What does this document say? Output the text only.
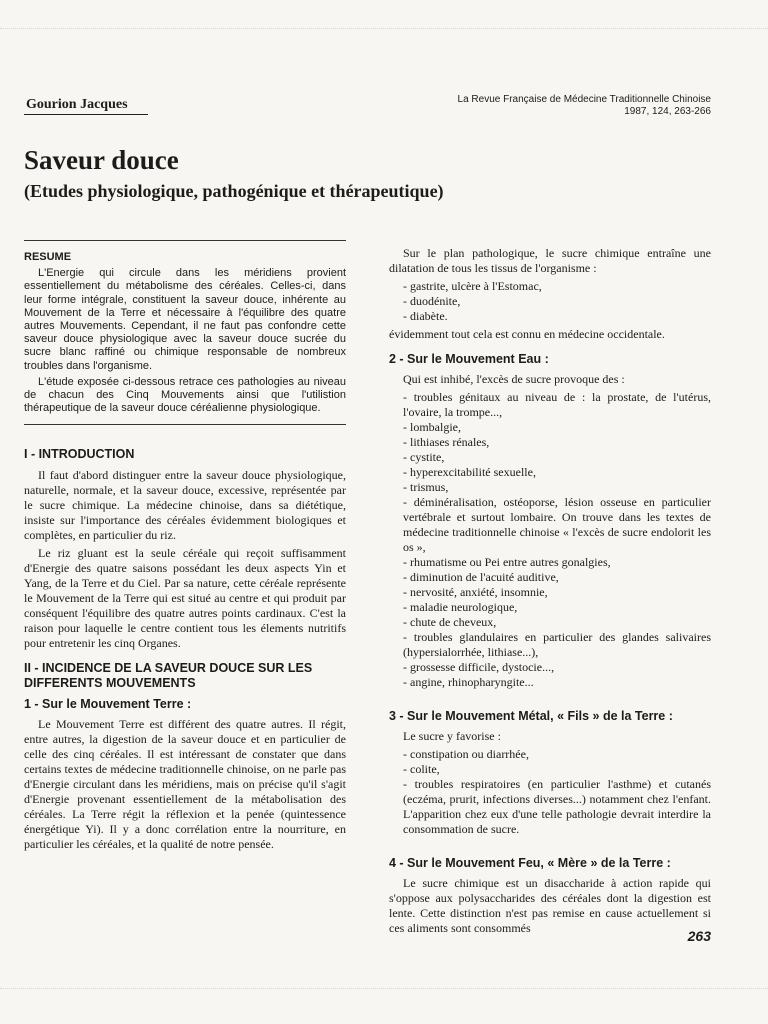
Gourion Jacques	La Revue Française de Médecine Traditionnelle Chinoise
1987, 124, 263-266
Saveur douce
(Etudes physiologique, pathogénique et thérapeutique)
RESUME

L'Energie qui circule dans les méridiens provient essentiellement du métabolisme des céréales. Celles-ci, dans leur forme intégrale, constituent la saveur douce, inhérente au Mouvement de la Terre et nécessaire à l'équilibre des quatre autres Mouvements. Cependant, il ne faut pas confondre cette saveur douce physiologique avec la saveur douce sucrée du sucre blanc raffiné ou chimique responsable de nombreux troubles dans l'organisme.

L'étude exposée ci-dessous retrace ces pathologies au niveau de chacun des Cinq Mouvements ainsi que l'utilistion thérapeutique de la saveur douce céréalienne physiologique.

I - INTRODUCTION

Il faut d'abord distinguer entre la saveur douce physiologique, naturelle, normale, et la saveur douce, excessive, représentée par le sucre chimique. La médecine chinoise, dans sa diététique, insiste sur l'importance des céréales évidemment biologiques et complètes, en particulier du riz.

Le riz gluant est la seule céréale qui reçoit suffisamment d'Energie des quatre saisons possédant les deux aspects Yin et Yang, de la Terre et du Ciel. Par sa nature, cette céréale représente le Mouvement de la Terre qui est situé au centre et qui produit par conséquent l'équilibre des quatre autres points cardinaux. C'est la raison pour laquelle le centre contient tous les élements nutritifs pour entretenir les cinq Organes.

II - INCIDENCE DE LA SAVEUR DOUCE SUR LES DIFFERENTS MOUVEMENTS
1 - Sur le Mouvement Terre :

Le Mouvement Terre est différent des quatre autres. Il régit, entre autres, la digestion de la saveur douce et en particulier de celle des cinq céréales. Il est intéressant de constater que dans certains textes de médecine traditionnelle chinoise, on ne parle pas d'Energie circulant dans les méridiens, mais on précise qu'il s'agit d'Energie provenant essentiellement de la métabolisation des céréales. La Terre régit la réflexion et la penée (quintessence énergétique Yi). Il y a donc corrélation entre la nourriture, en particulier les céréales, et la qualité de notre pensée.

Sur le plan pathologique, le sucre chimique entraîne une dilatation de tous les tissus de l'organisme :

- gastrite, ulcère à l'Estomac,
- duodénite,
- diabète.

évidemment tout cela est connu en médecine occidentale.

2 - Sur le Mouvement Eau :

Qui est inhibé, l'excès de sucre provoque des :

- troubles génitaux au niveau de : la prostate, de l'utérus, l'ovaire, la trompe...,
- lombalgie,
- lithiases rénales,
- cystite,
- hyperexcitabilité sexuelle,
- trismus,
- déminéralisation, ostéoporse, lésion osseuse en particulier vertébrale et surtout lombaire. On trouve dans les textes de médecine traditionnelle chinoise « l'excès de sucre endolorit les os »,
- rhumatisme ou Pei entre autres gonalgies,
- diminution de l'acuité auditive,
- nervosité, anxiété, insomnie,
- maladie neurologique,
- chute de cheveux,
- troubles glandulaires en particulier des glandes salivaires (hypersialorrhée, lithiase...),
- grossesse difficile, dystocie...,
- angine, rhinopharyngite...
3 - Sur le Mouvement Métal, « Fils » de la Terre :

Le sucre y favorise :

- constipation ou diarrhée,
- colite,
- troubles respiratoires (en particulier l'asthme) et cutanés (eczéma, prurit, infections diverses...) notamment chez l'enfant. L'apparition chez eux d'une telle pathologie devrait interdire la consommation de sucre.
4 - Sur le Mouvement Feu, « Mère » de la Terre :

Le sucre chimique est un disaccharide à action rapide qui s'oppose aux polysaccharides des céréales dont la digestion est lente. Cette distinction n'est pas remise en cause actuellement si ces aliments sont consommés	263
